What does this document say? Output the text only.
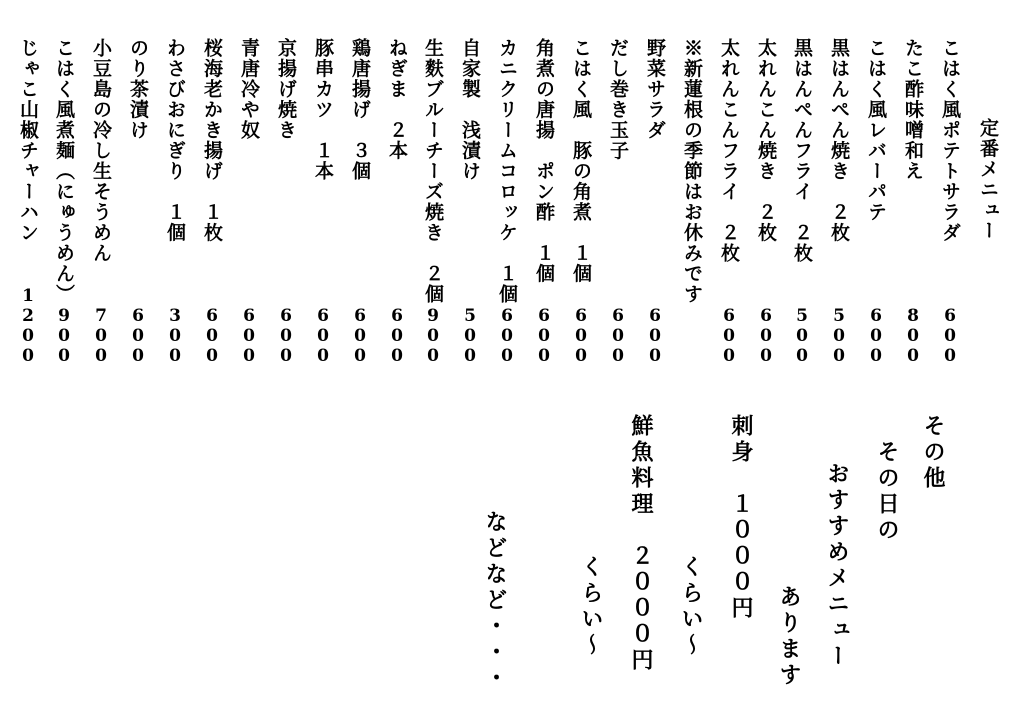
定番メニュー
こはく風ポテトサラダ
6
0
0
たこ酢味噌和え
8
0
0
こはく風レバーパテ
6
0
0
黒はんぺん焼き　２枚
5
0
0
黒はんぺんフライ　２枚
5
0
0
太れんこん焼き　２枚
6
0
0
太れんこんフライ　２枚
6
0
0
※新蓮根の季節はお休みです
野菜サラダ
6
0
0
だし巻き玉子
6
0
0
こはく風　豚の角煮　１個
6
0
0
角煮の唐揚　ポン酢　１個
6
0
0
カニクリームコロッケ　１個
6
0
0
自家製　浅漬け
5
0
0
生麩ブルーチーズ焼き　２個
9
0
0
ねぎま　２本
6
0
0
鶏唐揚げ　３個
6
0
0
豚串カツ　１本
6
0
0
京揚げ焼き
6
0
0
青唐冷や奴
6
0
0
桜海老かき揚げ　１枚
6
0
0
わさびおにぎり　１個
3
0
0
のり茶漬け
6
0
0
小豆島の冷し生そうめん
7
0
0
こはく風煮麺（にゅうめん）
9
0
0
じゃこ山椒チャーハン
1
2
0
0
その他
その日の
おすすめメニュー
あります
刺身　１０００円
くらい〜
鮮魚料理　２０００円
くらい〜
などなど・・・
